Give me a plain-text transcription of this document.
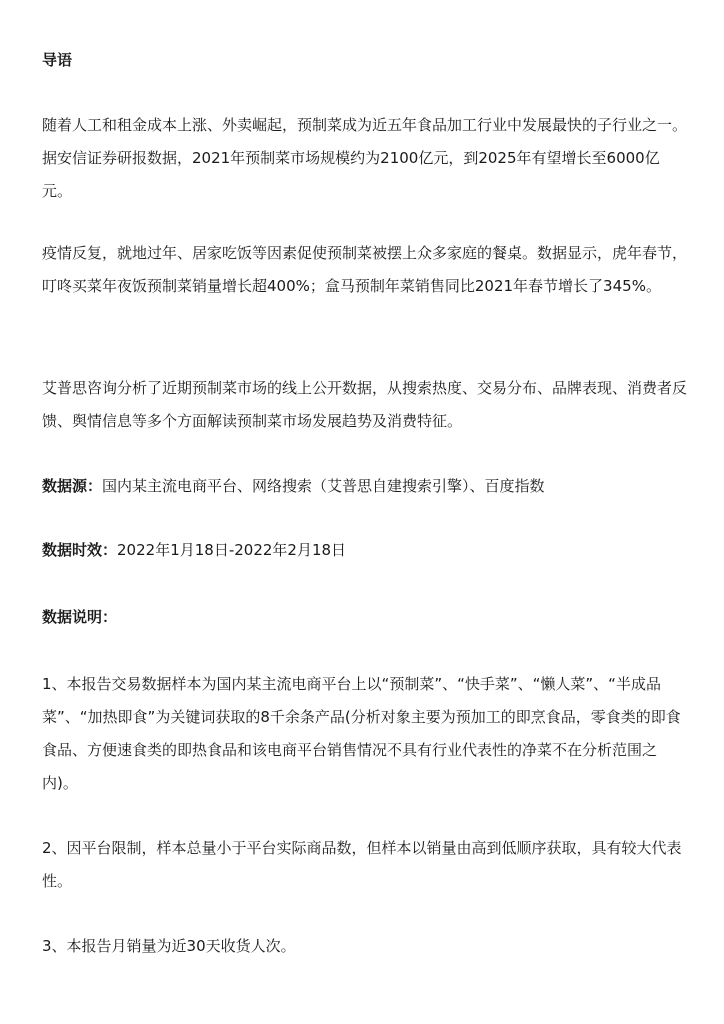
导语

随着人工和租金成本上涨、外卖崛起，预制菜成为近五年食品加工行业中发展最快的子行业之一。据安信证券研报数据，2021年预制菜市场规模约为2100亿元，到2025年有望增长至6000亿元。

疫情反复，就地过年、居家吃饭等因素促使预制菜被摆上众多家庭的餐桌。数据显示，虎年春节，叮咚买菜年夜饭预制菜销量增长超400%；盒马预制年菜销售同比2021年春节增长了345%。

艾普思咨询分析了近期预制菜市场的线上公开数据，从搜索热度、交易分布、品牌表现、消费者反馈、舆情信息等多个方面解读预制菜市场发展趋势及消费特征。

数据源：国内某主流电商平台、网络搜索（艾普思自建搜索引擎）、百度指数

数据时效：2022年1月18日-2022年2月18日

数据说明：

1、本报告交易数据样本为国内某主流电商平台上以“预制菜”、“快手菜”、“懒人菜”、“半成品菜”、“加热即食”为关键词获取的8千余条产品(分析对象主要为预加工的即烹食品，零食类的即食食品、方便速食类的即热食品和该电商平台销售情况不具有行业代表性的净菜不在分析范围之内)。

2、因平台限制，样本总量小于平台实际商品数，但样本以销量由高到低顺序获取，具有较大代表性。

3、本报告月销量为近30天收货人次。
